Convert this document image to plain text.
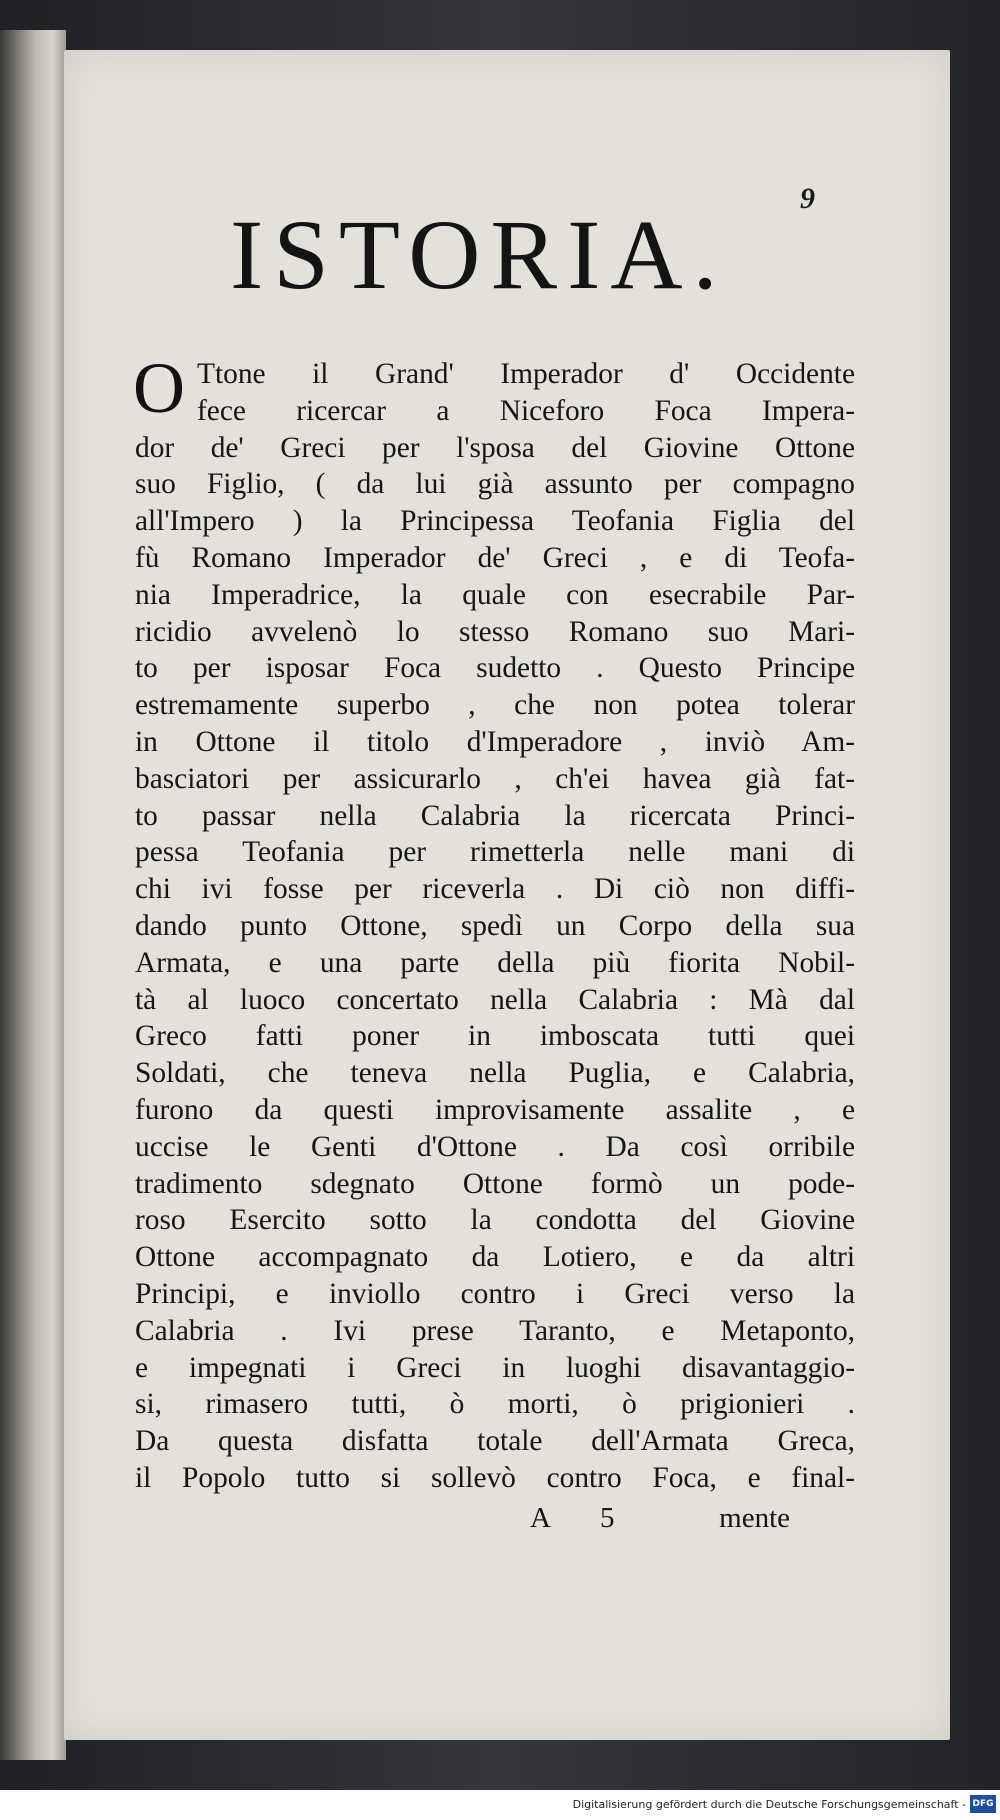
9
ISTORIA.
O Ttone il Grand' Imperador d' Occidente
fece ricercar a Niceforo Foca Impera-
dor de' Greci per l'sposa del Giovine Ottone
suo Figlio, ( da lui già assunto per compagno
all'Impero ) la Principessa Teofania Figlia del
fù Romano Imperador de' Greci , e di Teofa-
nia Imperadrice, la quale con esecrabile Par-
ricidio avvelenò lo stesso Romano suo Mari-
to per isposar Foca sudetto . Questo Principe
estremamente superbo , che non potea tolerar
in Ottone il titolo d'Imperadore , inviò Am-
basciatori per assicurarlo , ch'ei havea già fat-
to passar nella Calabria la ricercata Princi-
pessa Teofania per rimetterla nelle mani di
chi ivi fosse per riceverla . Di ciò non diffi-
dando punto Ottone, spedì un Corpo della sua
Armata, e una parte della più fiorita Nobil-
tà al luoco concertato nella Calabria : Mà dal
Greco fatti poner in imboscata tutti quei
Soldati, che teneva nella Puglia, e Calabria,
furono da questi improvisamente assalite , e
uccise le Genti d'Ottone . Da così orribile
tradimento sdegnato Ottone formò un pode-
roso Esercito sotto la condotta del Giovine
Ottone accompagnato da Lotiero, e da altri
Principi, e inviollo contro i Greci verso la
Calabria . Ivi prese Taranto, e Metaponto,
e impegnati i Greci in luoghi disavantaggio-
si, rimasero tutti, ò morti, ò prigionieri .
Da questa disfatta totale dell'Armata Greca,
il Popolo tutto si sollevò contro Foca, e final-
A 5	mente
Digitalisierung gefördert durch die Deutsche Forschungsgemeinschaft - DFG
